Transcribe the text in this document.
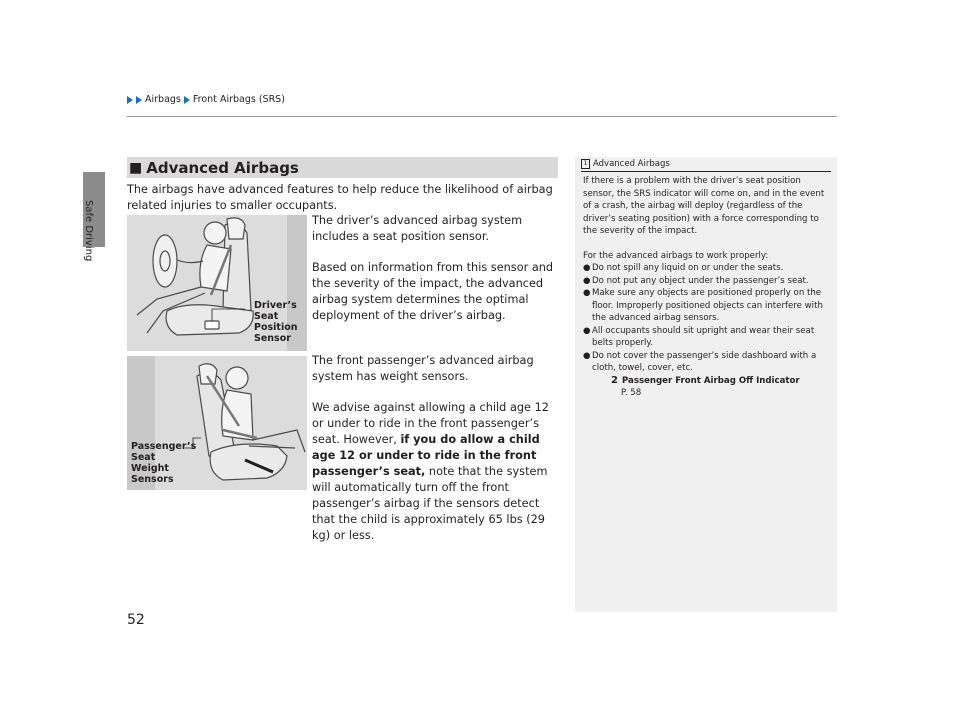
Airbags Front Airbags (SRS)
Safe Driving
■ Advanced Airbags
The airbags have advanced features to help reduce the likelihood of airbag related injuries to smaller occupants.
The driver’s advanced airbag system includes a seat position sensor.
Based on information from this sensor and the severity of the impact, the advanced airbag system determines the optimal deployment of the driver’s airbag.
The front passenger’s advanced airbag system has weight sensors.
We advise against allowing a child age 12 or under to ride in the front passenger’s seat. However, if you do allow a child age 12 or under to ride in the front passenger’s seat, note that the system will automatically turn off the front passenger’s airbag if the sensors detect that the child is approximately 65 lbs (29 kg) or less.
Driver’s
Seat
Position
Sensor
Passenger’s
Seat
Weight
Sensors
1 Advanced Airbags

If there is a problem with the driver’s seat position sensor, the SRS indicator will come on, and in the event of a crash, the airbag will deploy (regardless of the driver’s seating position) with a force corresponding to the severity of the impact.

For the advanced airbags to work properly:

● Do not spill any liquid on or under the seats.
● Do not put any object under the passenger’s seat.
● Make sure any objects are positioned properly on the floor. Improperly positioned objects can interfere with the advanced airbag sensors.
● All occupants should sit upright and wear their seat belts properly.
● Do not cover the passenger’s side dashboard with a cloth, towel, cover, etc.
2 Passenger Front Airbag Off Indicator
P. 58
52
